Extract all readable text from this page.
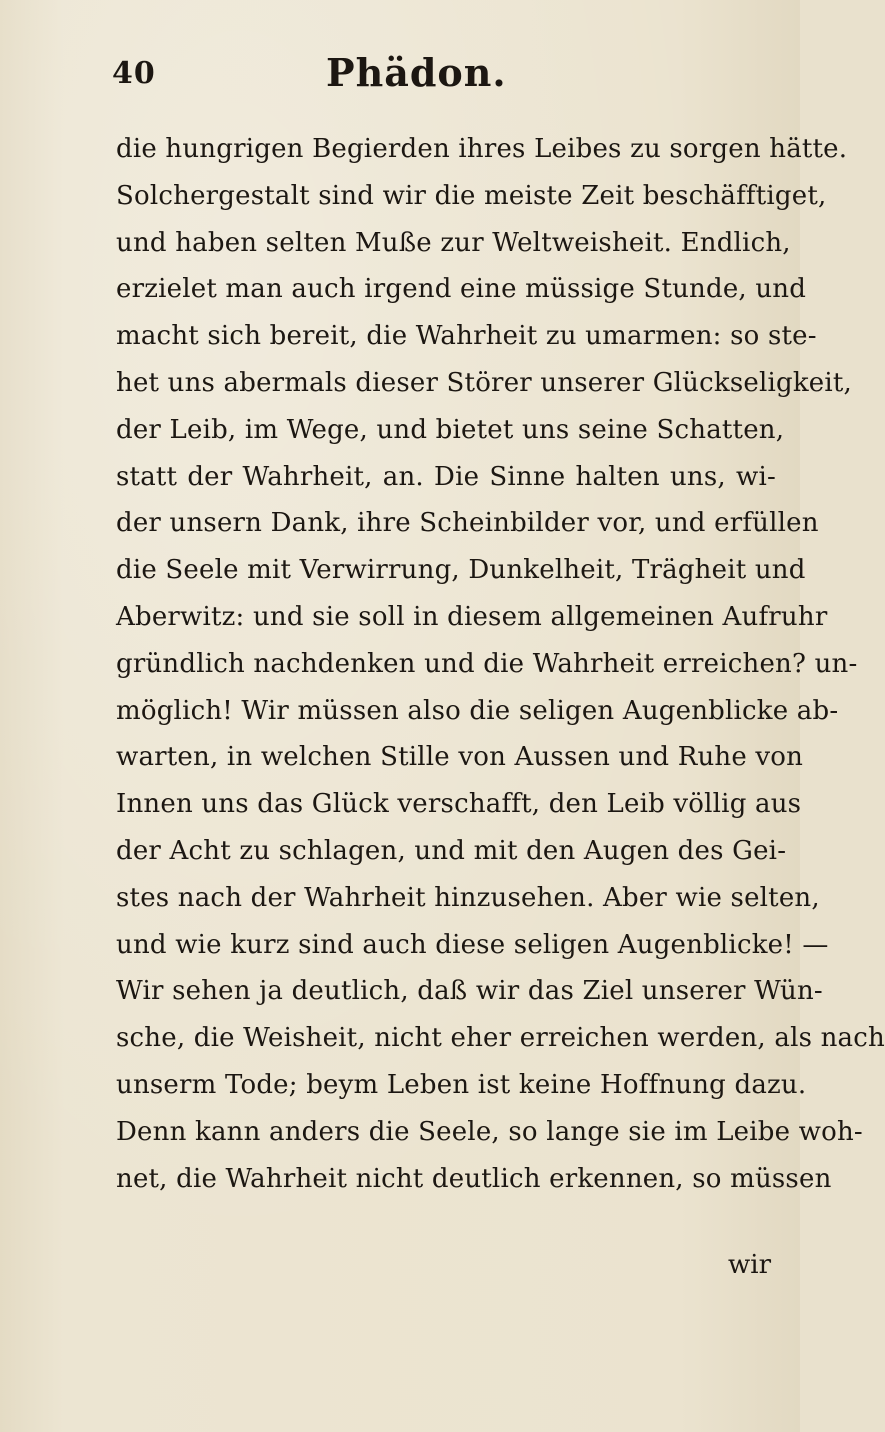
40	Phädon.
die hungrigen Begierden ihres Leibes zu sorgen hätte.
Solchergestalt sind wir die meiste Zeit beschäfftiget,
und haben selten Muße zur Weltweisheit. Endlich,
erzielet man auch irgend eine müssige Stunde, und
macht sich bereit, die Wahrheit zu umarmen: so ste-
het uns abermals dieser Störer unserer Glückseligkeit,
der Leib, im Wege, und bietet uns seine Schatten,
statt der Wahrheit, an. Die Sinne halten uns, wi-
der unsern Dank, ihre Scheinbilder vor, und erfüllen
die Seele mit Verwirrung, Dunkelheit, Trägheit und
Aberwitz: und sie soll in diesem allgemeinen Aufruhr
gründlich nachdenken und die Wahrheit erreichen? un-
möglich! Wir müssen also die seligen Augenblicke ab-
warten, in welchen Stille von Aussen und Ruhe von
Innen uns das Glück verschafft, den Leib völlig aus
der Acht zu schlagen, und mit den Augen des Gei-
stes nach der Wahrheit hinzusehen. Aber wie selten,
und wie kurz sind auch diese seligen Augenblicke! —
Wir sehen ja deutlich, daß wir das Ziel unserer Wün-
sche, die Weisheit, nicht eher erreichen werden, als nach
unserm Tode; beym Leben ist keine Hoffnung dazu.
Denn kann anders die Seele, so lange sie im Leibe woh-
net, die Wahrheit nicht deutlich erkennen, so müssen
wir
